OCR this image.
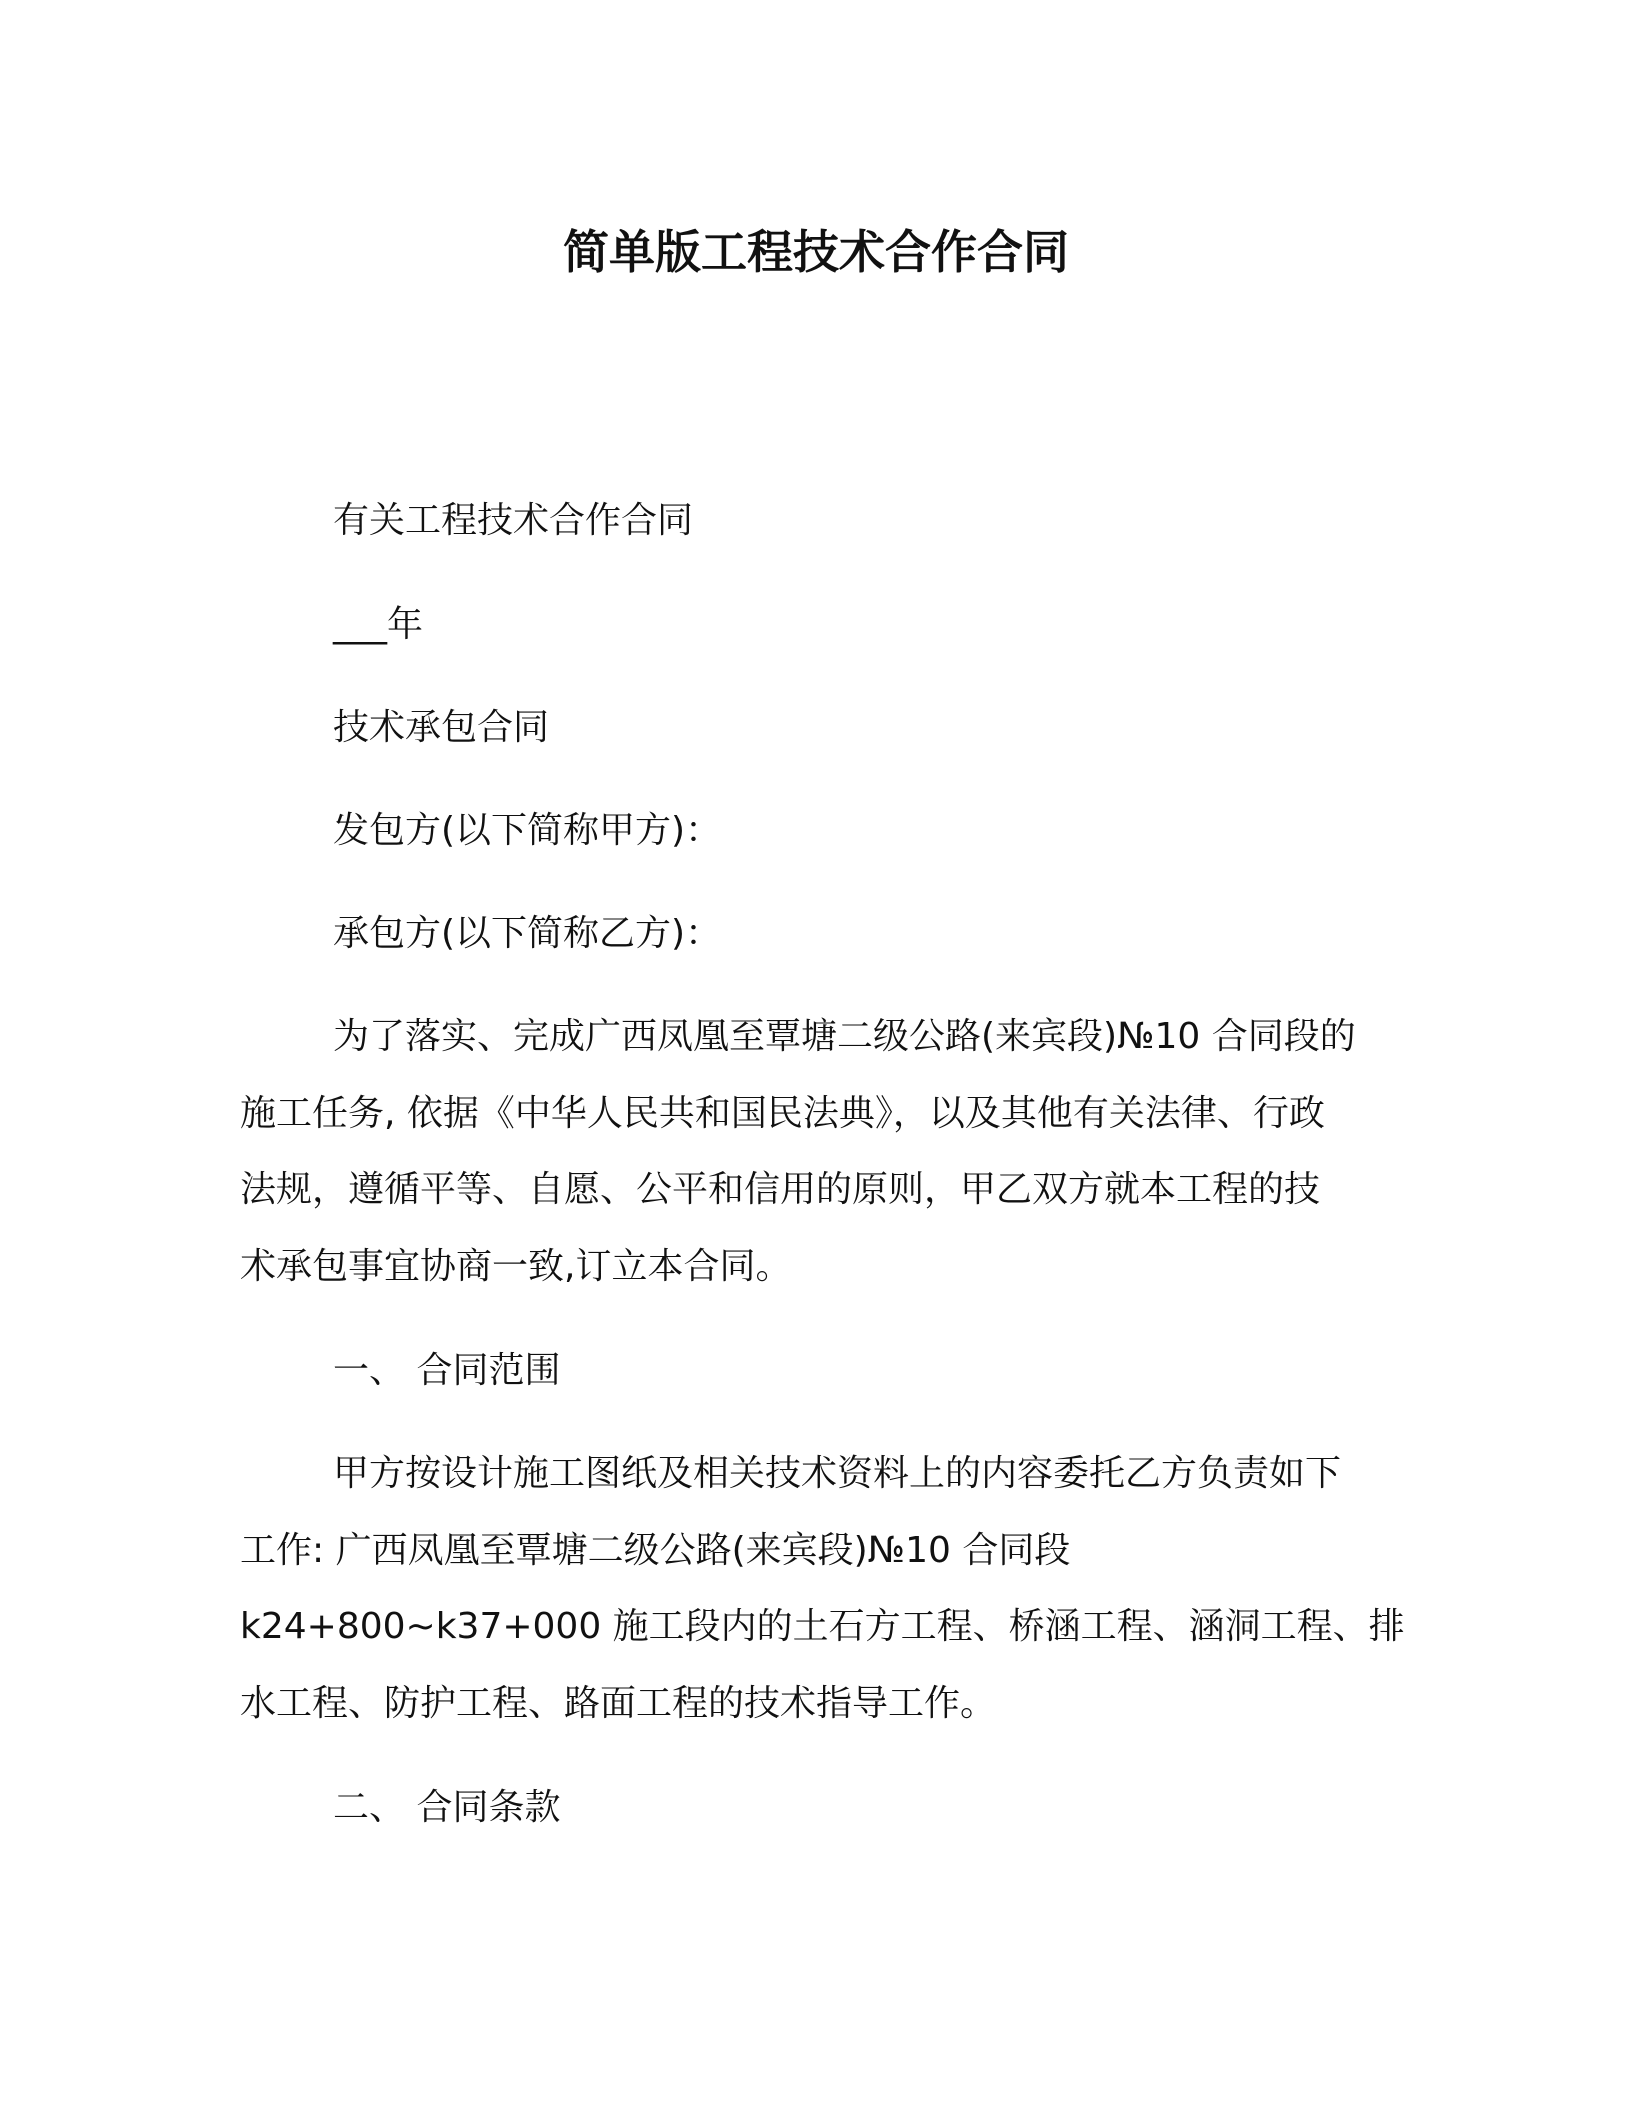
简单版工程技术合作合同
有关工程技术合作合同
___年
技术承包合同
发包方(以下简称甲方)：
承包方(以下简称乙方)：
为了落实、完成广西凤凰至覃塘二级公路(来宾段)№10 合同段的
施工任务, 依据《中华人民共和国民法典》，以及其他有关法律、行政
法规，遵循平等、自愿、公平和信用的原则，甲乙双方就本工程的技
术承包事宜协商一致,订立本合同。
一、 合同范围
甲方按设计施工图纸及相关技术资料上的内容委托乙方负责如下
工作: 广西凤凰至覃塘二级公路(来宾段)№10 合同段
k24+800~k37+000 施工段内的土石方工程、桥涵工程、涵洞工程、排
水工程、防护工程、路面工程的技术指导工作。
二、 合同条款
